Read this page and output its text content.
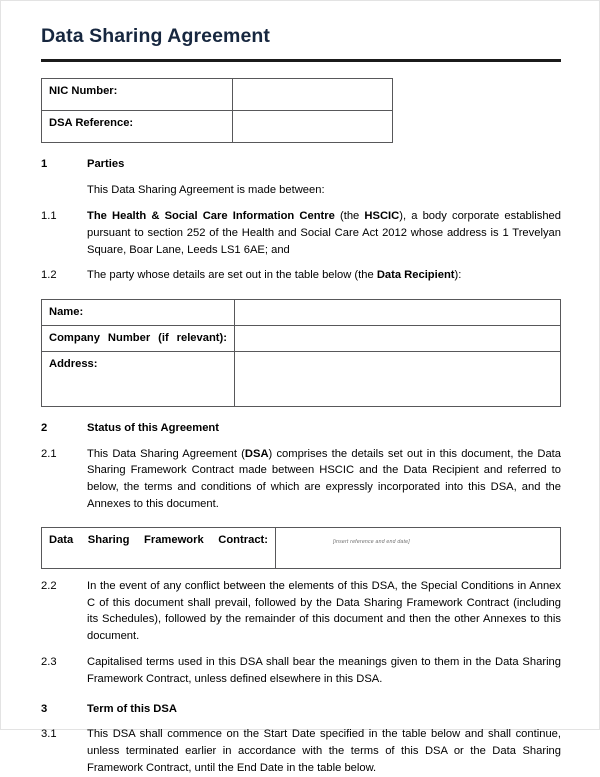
Data Sharing Agreement
NIC Number:	
DSA Reference:	
1	Parties
This Data Sharing Agreement is made between:
1.1	The Health & Social Care Information Centre (the HSCIC), a body corporate established pursuant to section 252 of the Health and Social Care Act 2012 whose address is 1 Trevelyan Square, Boar Lane, Leeds LS1 6AE; and
1.2	The party whose details are set out in the table below (the Data Recipient):
Name:	
Company Number (if relevant):	
Address:	
2	Status of this Agreement
2.1	This Data Sharing Agreement (DSA) comprises the details set out in this document, the Data Sharing Framework Contract made between HSCIC and the Data Recipient and referred to below, the terms and conditions of which are expressly incorporated into this DSA, and the Annexes to this document.
Data Sharing Framework Contract:	[insert reference and end date]
2.2	In the event of any conflict between the elements of this DSA, the Special Conditions in Annex C of this document shall prevail, followed by the Data Sharing Framework Contract (including its Schedules), followed by the remainder of this document and then the other Annexes to this document.
2.3	Capitalised terms used in this DSA shall bear the meanings given to them in the Data Sharing Framework Contract, unless defined elsewhere in this DSA.
3	Term of this DSA
3.1	This DSA shall commence on the Start Date specified in the table below and shall continue, unless terminated earlier in accordance with the terms of this DSA or the Data Sharing Framework Contract, until the End Date in the table below.
